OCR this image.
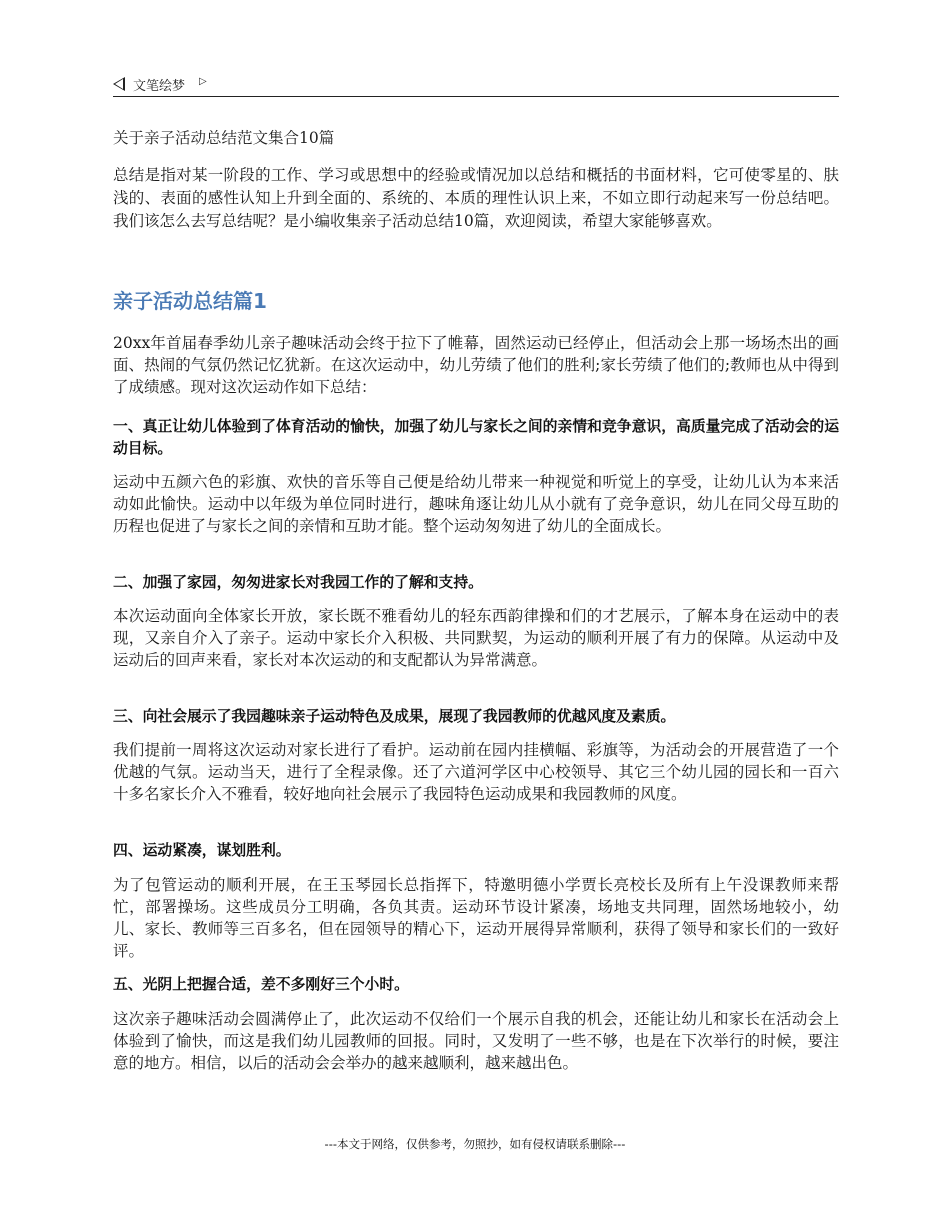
文笔绘梦 ▷
关于亲子活动总结范文集合10篇
总结是指对某一阶段的工作、学习或思想中的经验或情况加以总结和概括的书面材料，它可使零星的、肤浅的、表面的感性认知上升到全面的、系统的、本质的理性认识上来，不如立即行动起来写一份总结吧。我们该怎么去写总结呢？是小编收集亲子活动总结10篇，欢迎阅读，希望大家能够喜欢。
亲子活动总结篇1
20xx年首届春季幼儿亲子趣味活动会终于拉下了帷幕，固然运动已经停止，但活动会上那一场场杰出的画面、热闹的气氛仍然记忆犹新。在这次运动中，幼儿劳绩了他们的胜利;家长劳绩了他们的;教师也从中得到了成绩感。现对这次运动作如下总结：
一、真正让幼儿体验到了体育活动的愉快，加强了幼儿与家长之间的亲情和竞争意识，高质量完成了活动会的运动目标。
运动中五颜六色的彩旗、欢快的音乐等自己便是给幼儿带来一种视觉和听觉上的享受，让幼儿认为本来活动如此愉快。运动中以年级为单位同时进行，趣味角逐让幼儿从小就有了竞争意识，幼儿在同父母互助的历程也促进了与家长之间的亲情和互助才能。整个运动匆匆进了幼儿的全面成长。
二、加强了家园，匆匆进家长对我园工作的了解和支持。
本次运动面向全体家长开放，家长既不雅看幼儿的轻东西韵律操和们的才艺展示，了解本身在运动中的表现，又亲自介入了亲子。运动中家长介入积极、共同默契，为运动的顺利开展了有力的保障。从运动中及运动后的回声来看，家长对本次运动的和支配都认为异常满意。
三、向社会展示了我园趣味亲子运动特色及成果，展现了我园教师的优越风度及素质。
我们提前一周将这次运动对家长进行了看护。运动前在园内挂横幅、彩旗等，为活动会的开展营造了一个优越的气氛。运动当天，进行了全程录像。还了六道河学区中心校领导、其它三个幼儿园的园长和一百六十多名家长介入不雅看，较好地向社会展示了我园特色运动成果和我园教师的风度。
四、运动紧凑，谋划胜利。
为了包管运动的顺利开展，在王玉琴园长总指挥下，特邀明德小学贾长亮校长及所有上午没课教师来帮忙，部署操场。这些成员分工明确，各负其责。运动环节设计紧凑，场地支共同理，固然场地较小，幼儿、家长、教师等三百多名，但在园领导的精心下，运动开展得异常顺利，获得了领导和家长们的一致好评。
五、光阴上把握合适，差不多刚好三个小时。
这次亲子趣味活动会圆满停止了，此次运动不仅给们一个展示自我的机会，还能让幼儿和家长在活动会上体验到了愉快，而这是我们幼儿园教师的回报。同时，又发明了一些不够，也是在下次举行的时候，要注意的地方。相信，以后的活动会会举办的越来越顺利，越来越出色。
---本文于网络，仅供参考，勿照抄，如有侵权请联系删除---
